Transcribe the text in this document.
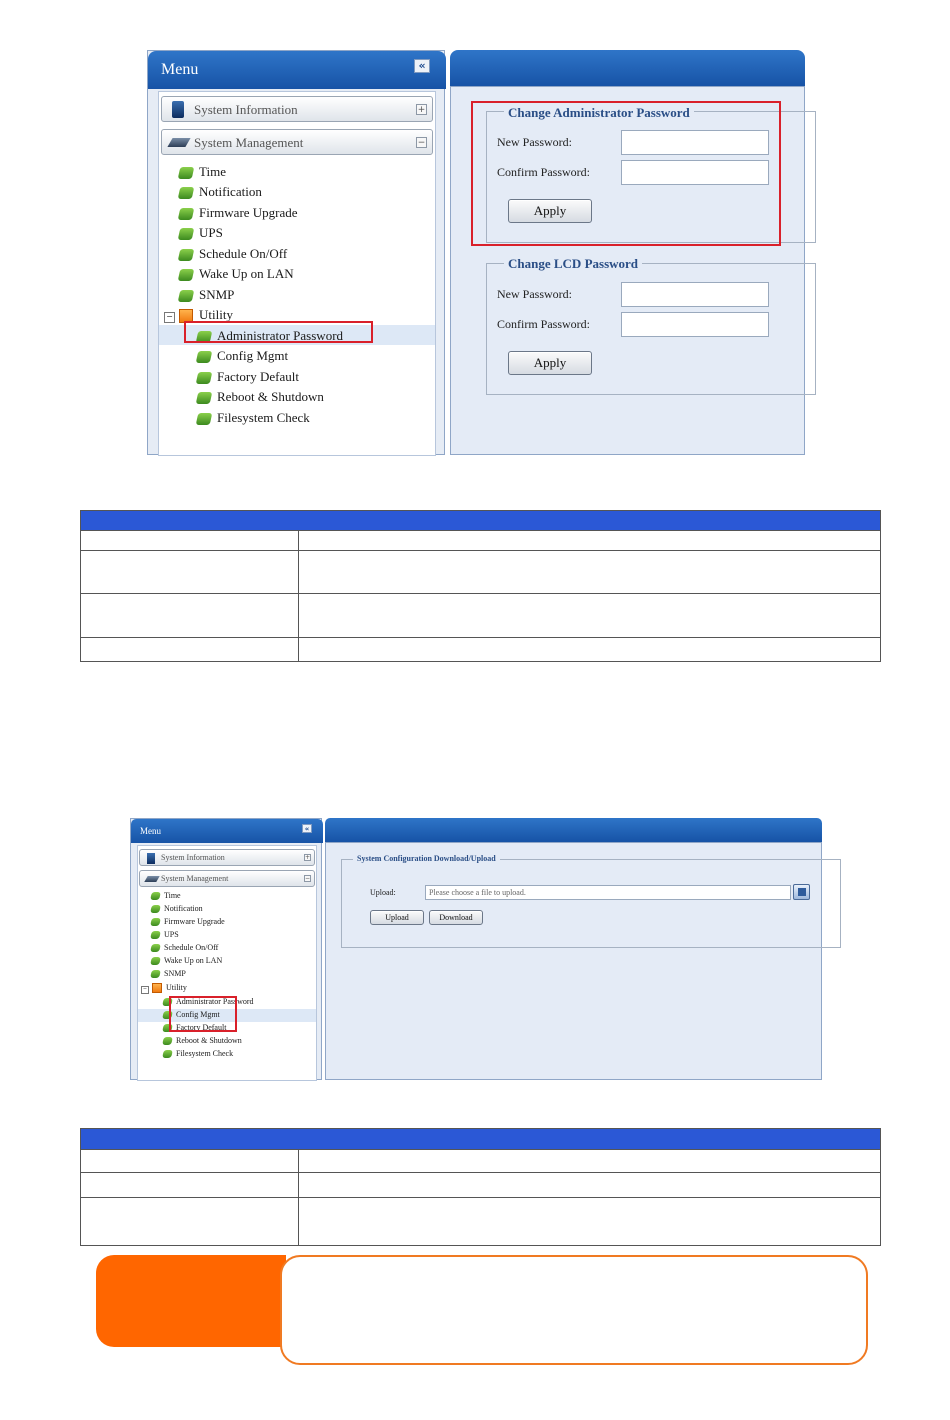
Menu	«
System Information	+
System Management	−
Time
Notification
Firmware Upgrade
UPS
Schedule On/Off
Wake Up on LAN
SNMP
− Utility
Administrator Password
Config Mgmt
Factory Default
Reboot & Shutdown
Filesystem Check
Change Administrator Password
New Password:
Confirm Password:
Apply
Change LCD Password
New Password:
Confirm Password:
Apply
Menu	«
System Information	+
System Management	−
Time
Notification
Firmware Upgrade
UPS
Schedule On/Off
Wake Up on LAN
SNMP
− Utility
Administrator Password
Config Mgmt
Factory Default
Reboot & Shutdown
Filesystem Check
System Configuration Download/Upload
Upload:	Please choose a file to upload.
Upload	Download
